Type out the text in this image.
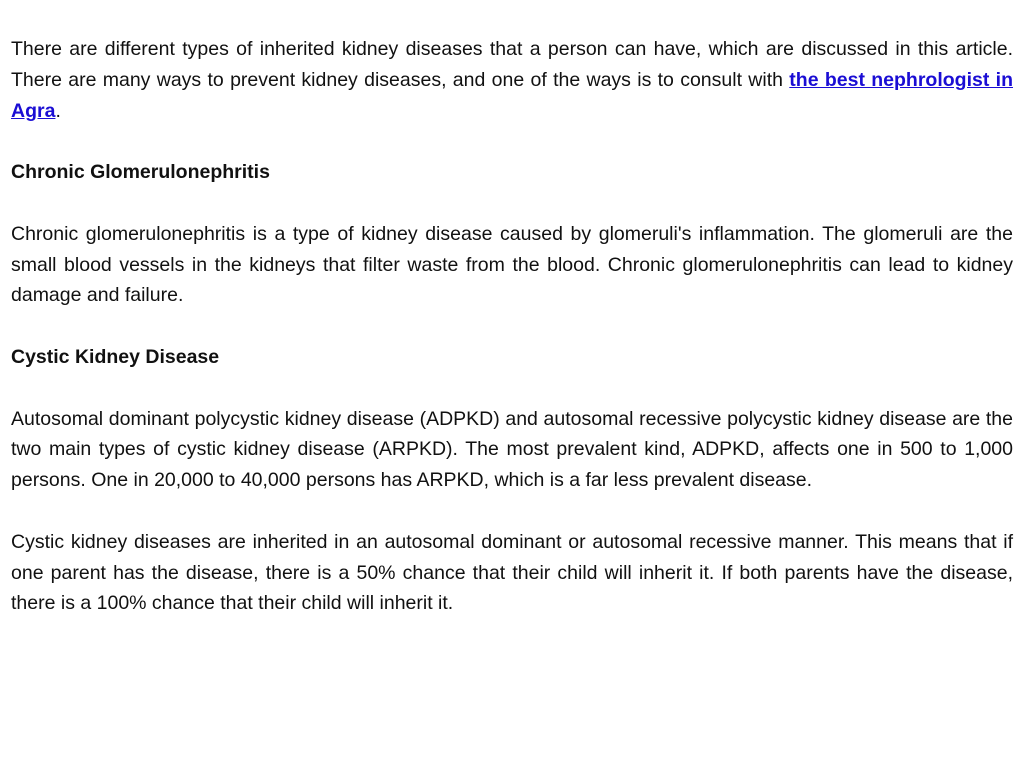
There are different types of inherited kidney diseases that a person can have, which are discussed in this article. There are many ways to prevent kidney diseases, and one of the ways is to consult with the best nephrologist in Agra.

Chronic Glomerulonephritis

Chronic glomerulonephritis is a type of kidney disease caused by glomeruli's inflammation. The glomeruli are the small blood vessels in the kidneys that filter waste from the blood. Chronic glomerulonephritis can lead to kidney damage and failure.

Cystic Kidney Disease

Autosomal dominant polycystic kidney disease (ADPKD) and autosomal recessive polycystic kidney disease are the two main types of cystic kidney disease (ARPKD). The most prevalent kind, ADPKD, affects one in 500 to 1,000 persons. One in 20,000 to 40,000 persons has ARPKD, which is a far less prevalent disease.

Cystic kidney diseases are inherited in an autosomal dominant or autosomal recessive manner. This means that if one parent has the disease, there is a 50% chance that their child will inherit it. If both parents have the disease, there is a 100% chance that their child will inherit it.
